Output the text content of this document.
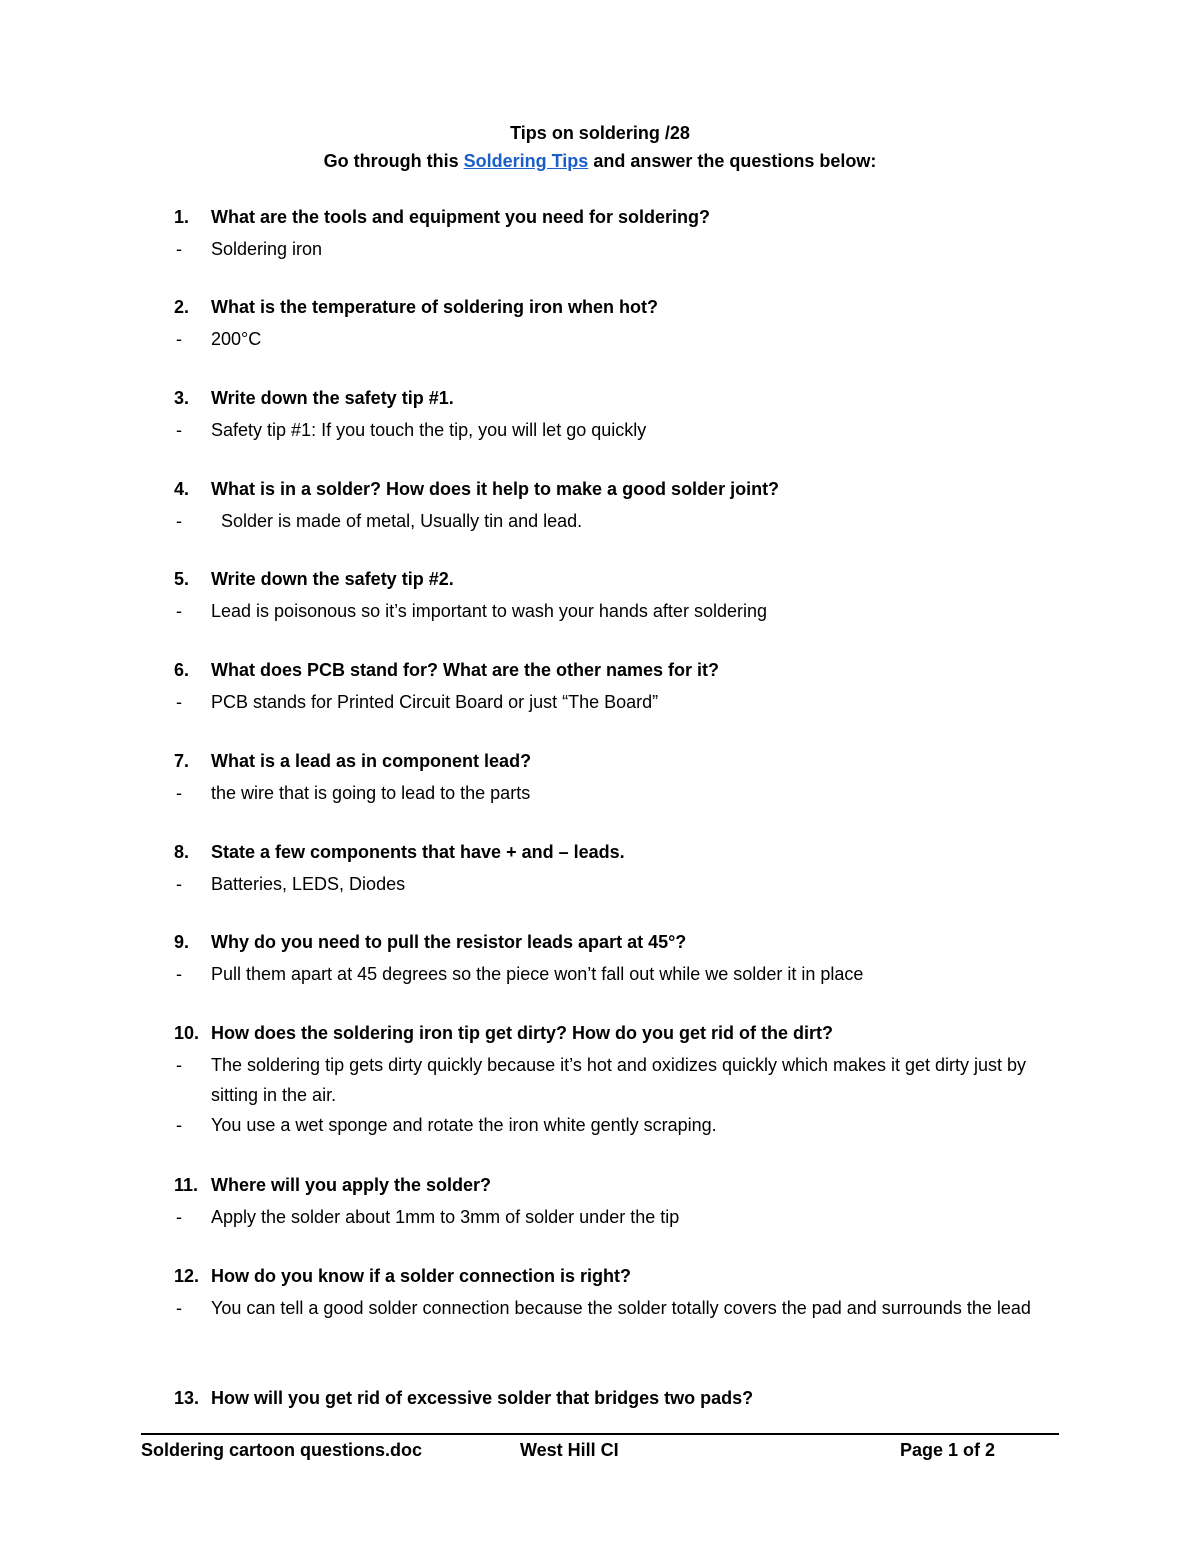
Tips on soldering /28
Go through this Soldering Tips and answer the questions below:
1. What are the tools and equipment you need for soldering?
- Soldering iron
2. What is the temperature of soldering iron when hot?
- 200°C
3. Write down the safety tip #1.
- Safety tip #1: If you touch the tip, you will let go quickly
4. What is in a solder? How does it help to make a good solder joint?
- Solder is made of metal, Usually tin and lead.
5. Write down the safety tip #2.
- Lead is poisonous so it’s important to wash your hands after soldering
6. What does PCB stand for? What are the other names for it?
- PCB stands for Printed Circuit Board or just “The Board”
7. What is a lead as in component lead?
- the wire that is going to lead to the parts
8. State a few components that have + and – leads.
- Batteries, LEDS, Diodes
9. Why do you need to pull the resistor leads apart at 45°?
- Pull them apart at 45 degrees so the piece won’t fall out while we solder it in place
10. How does the soldering iron tip get dirty? How do you get rid of the dirt?
- The soldering tip gets dirty quickly because it’s hot and oxidizes quickly which makes it get dirty just by sitting in the air.
- You use a wet sponge and rotate the iron white gently scraping.
11. Where will you apply the solder?
- Apply the solder about 1mm to 3mm of solder under the tip
12. How do you know if a solder connection is right?
- You can tell a good solder connection because the solder totally covers the pad and surrounds the lead
13. How will you get rid of excessive solder that bridges two pads?
Soldering cartoon questions.doc	West Hill CI	Page 1 of 2
